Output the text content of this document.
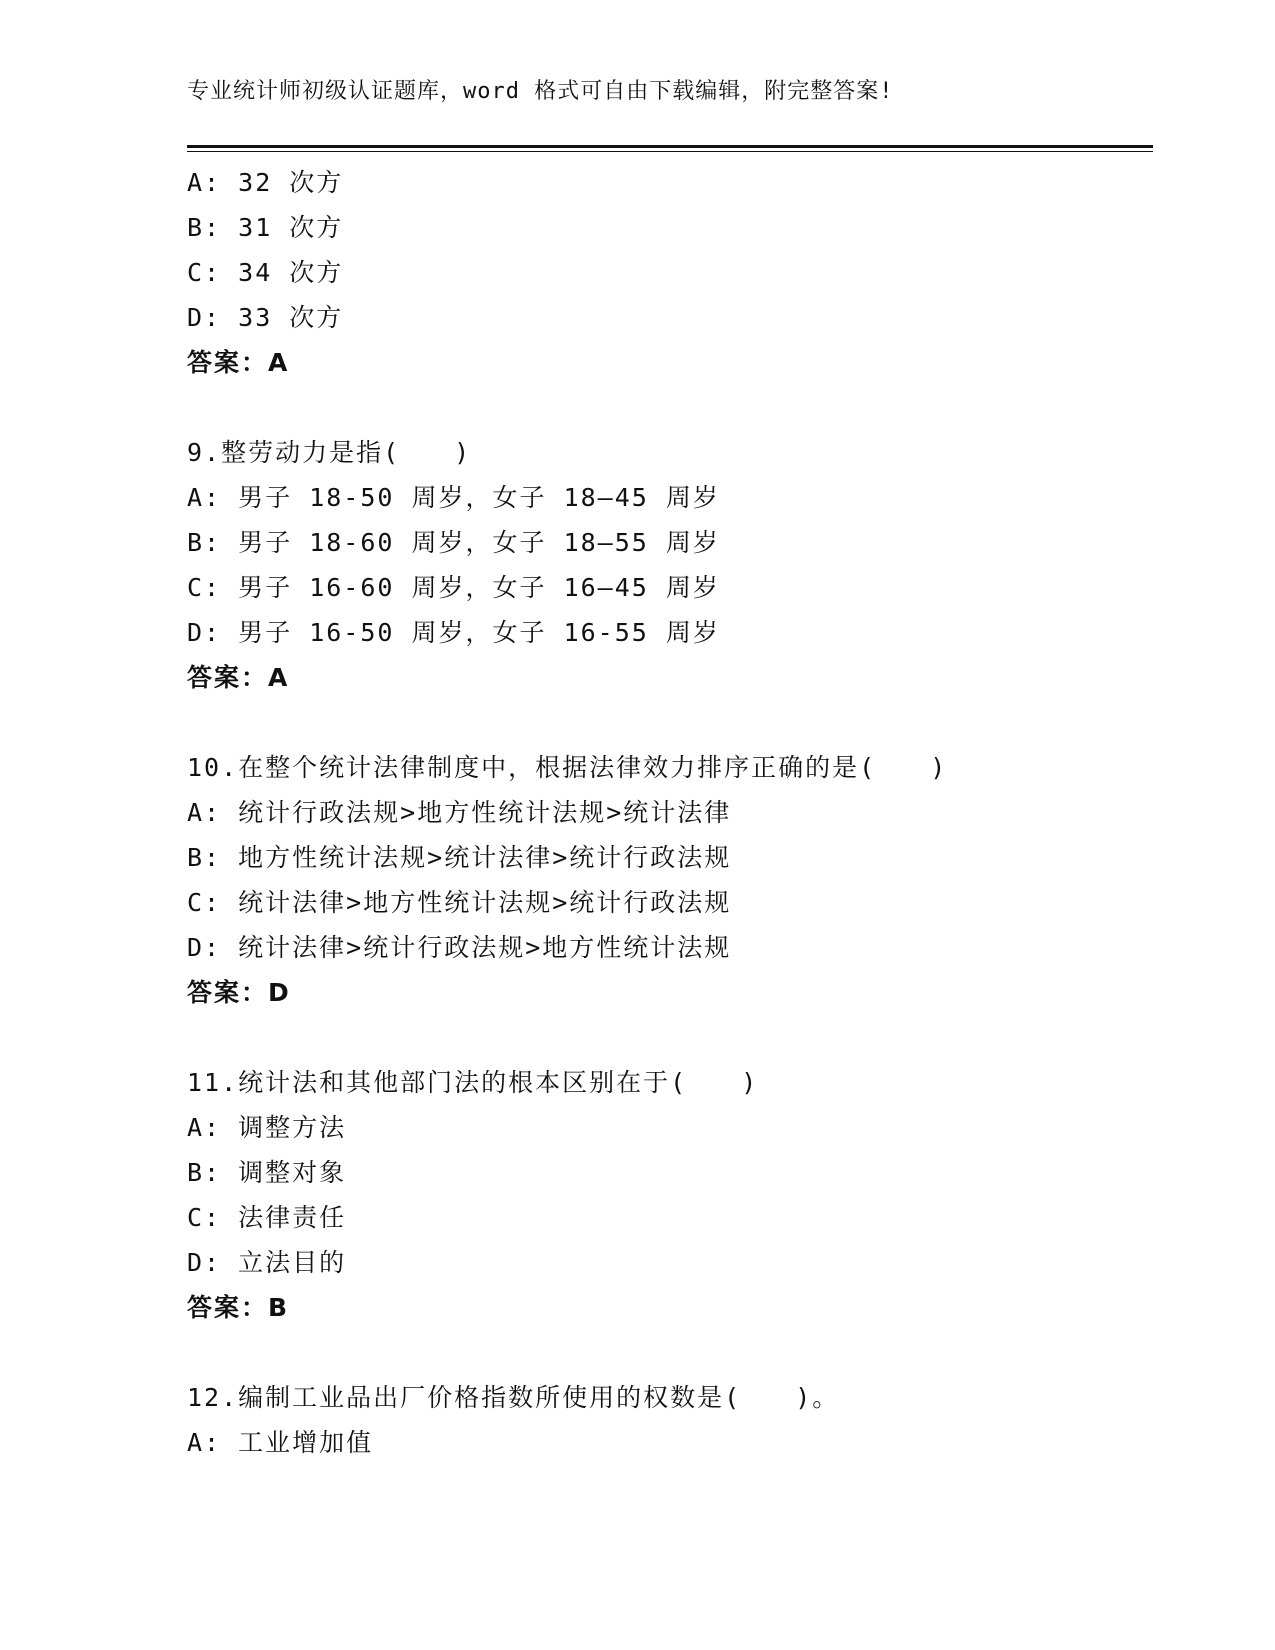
专业统计师初级认证题库，word 格式可自由下载编辑，附完整答案!
A: 32 次方
B: 31 次方
C: 34 次方
D: 33 次方
答案：A
9.整劳动力是指(　　)
A: 男子 18-50 周岁，女子 18—45 周岁
B: 男子 18-60 周岁，女子 18—55 周岁
C: 男子 16-60 周岁，女子 16—45 周岁
D: 男子 16-50 周岁，女子 16-55 周岁
答案：A
10.在整个统计法律制度中，根据法律效力排序正确的是(　　)
A: 统计行政法规>地方性统计法规>统计法律
B: 地方性统计法规>统计法律>统计行政法规
C: 统计法律>地方性统计法规>统计行政法规
D: 统计法律>统计行政法规>地方性统计法规
答案：D
11.统计法和其他部门法的根本区别在于(　　)
A: 调整方法
B: 调整对象
C: 法律责任
D: 立法目的
答案：B
12.编制工业品出厂价格指数所使用的权数是(　　)。
A: 工业增加值
